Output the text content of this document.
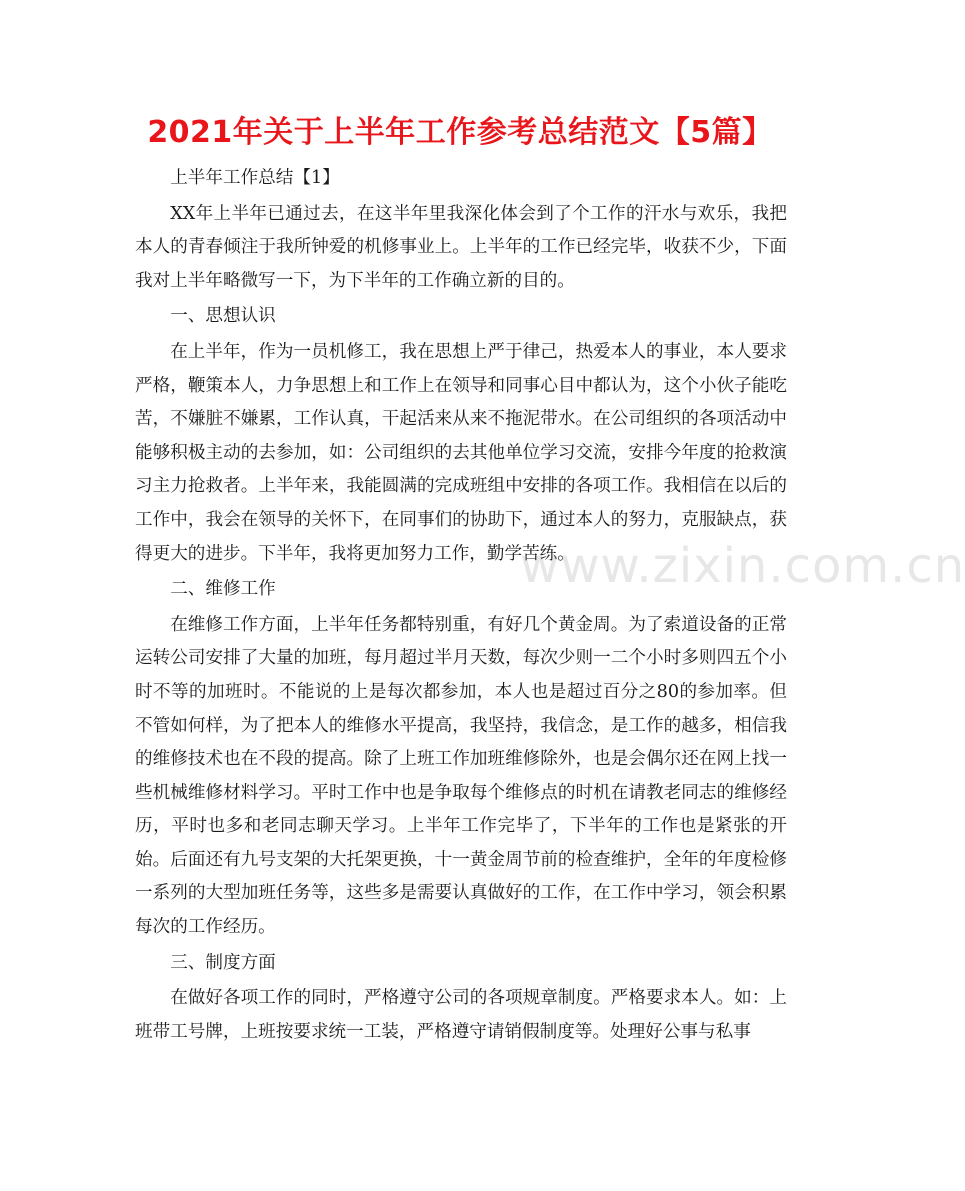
2021年关于上半年工作参考总结范文【5篇】

上半年工作总结【1】

XX年上半年已通过去，在这半年里我深化体会到了个工作的汗水与欢乐，我把本人的青春倾注于我所钟爱的机修事业上。上半年的工作已经完毕，收获不少，下面我对上半年略微写一下，为下半年的工作确立新的目的。

一、思想认识

在上半年，作为一员机修工，我在思想上严于律己，热爱本人的事业，本人要求严格，鞭策本人，力争思想上和工作上在领导和同事心目中都认为，这个小伙子能吃苦，不嫌脏不嫌累，工作认真，干起活来从来不拖泥带水。在公司组织的各项活动中能够积极主动的去参加，如：公司组织的去其他单位学习交流，安排今年度的抢救演习主力抢救者。上半年来，我能圆满的完成班组中安排的各项工作。我相信在以后的工作中，我会在领导的关怀下，在同事们的协助下，通过本人的努力，克服缺点，获得更大的进步。下半年，我将更加努力工作，勤学苦练。

二、维修工作

在维修工作方面，上半年任务都特别重，有好几个黄金周。为了索道设备的正常运转公司安排了大量的加班，每月超过半月天数，每次少则一二个小时多则四五个小时不等的加班时。不能说的上是每次都参加，本人也是超过百分之80的参加率。但不管如何样，为了把本人的维修水平提高，我坚持，我信念，是工作的越多，相信我的维修技术也在不段的提高。除了上班工作加班维修除外，也是会偶尔还在网上找一些机械维修材料学习。平时工作中也是争取每个维修点的时机在请教老同志的维修经历，平时也多和老同志聊天学习。上半年工作完毕了，下半年的工作也是紧张的开始。后面还有九号支架的大托架更换，十一黄金周节前的检查维护，全年的年度检修一系列的大型加班任务等，这些多是需要认真做好的工作，在工作中学习，领会积累每次的工作经历。

三、制度方面

在做好各项工作的同时，严格遵守公司的各项规章制度。严格要求本人。如：上班带工号牌，上班按要求统一工装，严格遵守请销假制度等。处理好公事与私事

www.zixin.com.cn
